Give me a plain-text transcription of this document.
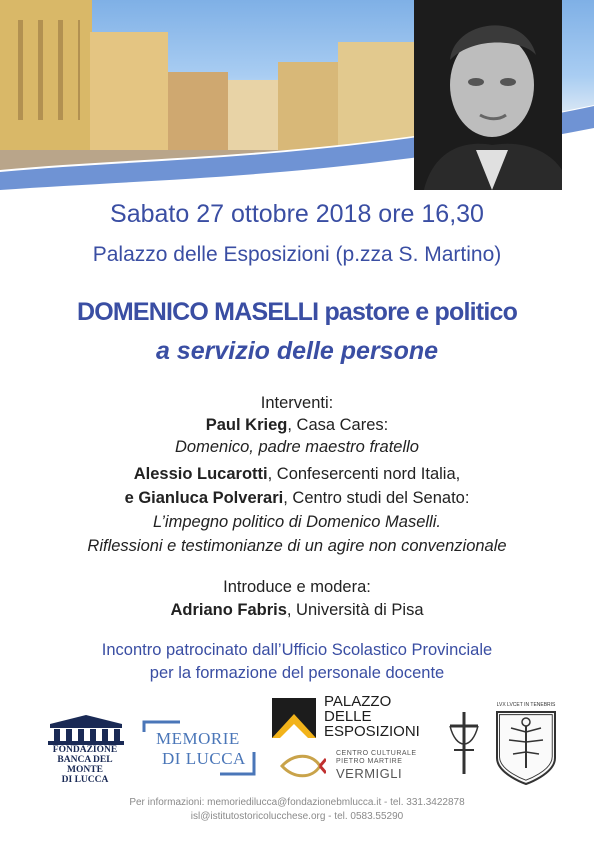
Sabato 27 ottobre 2018 ore 16,30
Palazzo delle Esposizioni (p.zza S. Martino)
DOMENICO MASELLI pastore e politico
a servizio delle persone
Interventi:
Paul Krieg, Casa Cares:
Domenico, padre maestro fratello
Alessio Lucarotti, Confesercenti nord Italia,
e Gianluca Polverari, Centro studi del Senato:
L’impegno politico di Domenico Maselli.
Riflessioni e testimonianze di un agire non convenzionale
Introduce e modera:
Adriano Fabris, Università di Pisa
Incontro patrocinato dall’Ufficio Scolastico Provinciale
per la formazione del personale docente
FONDAZIONE
BANCA DEL MONTE
DI LUCCA
MEMORIE
DI LUCCA
PALAZZO
DELLE
ESPOSIZIONI
CENTRO CULTURALE
PIETRO MARTIRE
VERMIGLI
LVX LVCET IN TENEBRIS
Per informazioni: memoriedilucca@fondazionebmlucca.it - tel. 331.3422878
isl@istitutostoricolucchese.org - tel. 0583.55290
